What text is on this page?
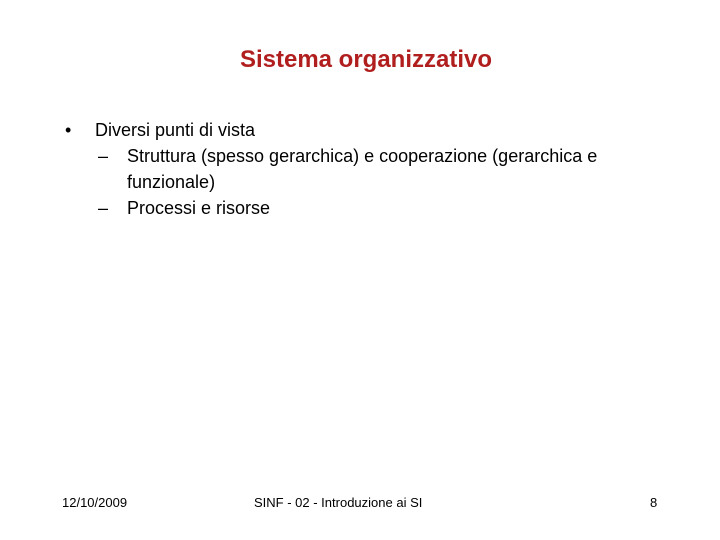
Sistema organizzativo
• Diversi punti di vista
– Struttura (spesso gerarchica) e cooperazione (gerarchica e funzionale)
– Processi e risorse
12/10/2009	SINF - 02 - Introduzione ai SI	8
